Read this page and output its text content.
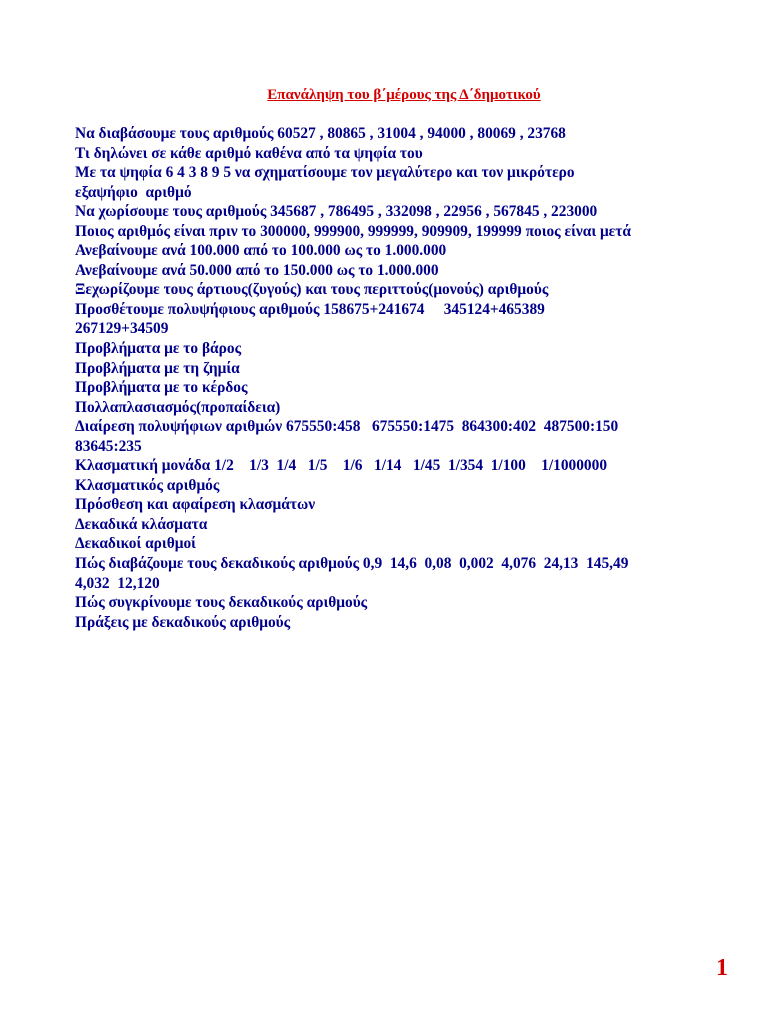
Επανάληψη του β΄μέρους της Δ΄δημοτικού
Να διαβάσουμε τους αριθμούς 60527 , 80865 , 31004 , 94000 , 80069 , 23768
Τι δηλώνει σε κάθε αριθμό καθένα από τα ψηφία του
Με τα ψηφία 6 4 3 8 9 5 να σχηματίσουμε τον μεγαλύτερο και τον μικρότερο
εξαψήφιο  αριθμό
Να χωρίσουμε τους αριθμούς 345687 , 786495 , 332098 , 22956 , 567845 , 223000
Ποιος αριθμός είναι πριν το 300000, 999900, 999999, 909909, 199999 ποιος είναι μετά
Ανεβαίνουμε ανά 100.000 από το 100.000 ως το 1.000.000
Ανεβαίνουμε ανά 50.000 από το 150.000 ως το 1.000.000
Ξεχωρίζουμε τους άρτιους(ζυγούς) και τους περιττούς(μονούς) αριθμούς
Προσθέτουμε πολυψήφιους αριθμούς 158675+241674     345124+465389
267129+34509
Προβλήματα με το βάρος
Προβλήματα με τη ζημία
Προβλήματα με το κέρδος
Πολλαπλασιασμός(προπαίδεια)
Διαίρεση πολυψήφιων αριθμών 675550:458   675550:1475  864300:402  487500:150
83645:235
Κλασματική μονάδα 1/2    1/3  1/4   1/5    1/6   1/14   1/45  1/354  1/100    1/1000000
Κλασματικός αριθμός
Πρόσθεση και αφαίρεση κλασμάτων
Δεκαδικά κλάσματα
Δεκαδικοί αριθμοί
Πώς διαβάζουμε τους δεκαδικούς αριθμούς 0,9  14,6  0,08  0,002  4,076  24,13  145,49
4,032  12,120
Πώς συγκρίνουμε τους δεκαδικούς αριθμούς
Πράξεις με δεκαδικούς αριθμούς
1
